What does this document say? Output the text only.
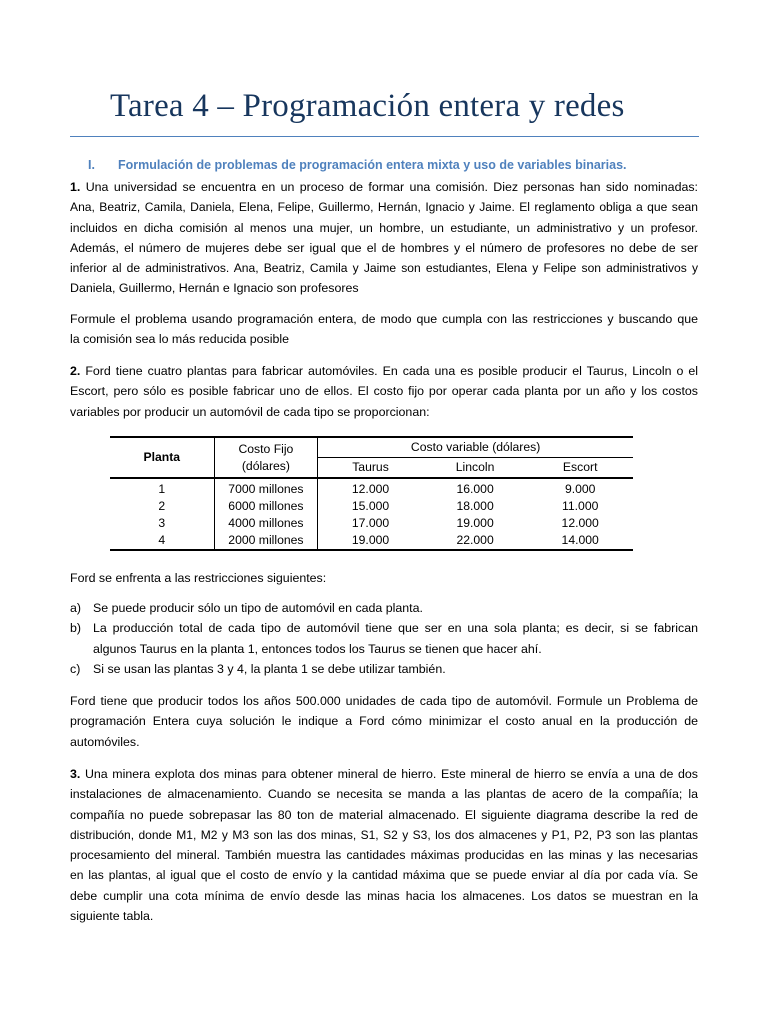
Tarea 4 – Programación entera y redes
I. Formulación de problemas de programación entera mixta y uso de variables binarias.
1. Una universidad se encuentra en un proceso de formar una comisión. Diez personas han sido nominadas:
Ana, Beatriz, Camila, Daniela, Elena, Felipe, Guillermo, Hernán, Ignacio y Jaime. El reglamento obliga a que sean
incluidos en dicha comisión al menos una mujer, un hombre, un estudiante, un administrativo y un profesor.
Además, el número de mujeres debe ser igual que el de hombres y el número de profesores no debe de ser
inferior al de administrativos. Ana, Beatriz, Camila y Jaime son estudiantes, Elena y Felipe son administrativos y
Daniela, Guillermo, Hernán e Ignacio son profesores
Formule el problema usando programación entera, de modo que cumpla con las restricciones y buscando que
la comisión sea lo más reducida posible
2. Ford tiene cuatro plantas para fabricar automóviles. En cada una es posible producir el Taurus, Lincoln o el
Escort, pero sólo es posible fabricar uno de ellos. El costo fijo por operar cada planta por un año y los costos
variables por producir un automóvil de cada tipo se proporcionan:
Planta	Costo Fijo
(dólares)	Costo variable (dólares)		
		Taurus	Lincoln	Escort
1	7000 millones	12.000	16.000	9.000
2	6000 millones	15.000	18.000	11.000
3	4000 millones	17.000	19.000	12.000
4	2000 millones	19.000	22.000	14.000
Ford se enfrenta a las restricciones siguientes:
a) Se puede producir sólo un tipo de automóvil en cada planta.
b) La producción total de cada tipo de automóvil tiene que ser en una sola planta; es decir, si se fabrican
algunos Taurus en la planta 1, entonces todos los Taurus se tienen que hacer ahí.
c) Si se usan las plantas 3 y 4, la planta 1 se debe utilizar también.
Ford tiene que producir todos los años 500.000 unidades de cada tipo de automóvil. Formule un Problema de
programación Entera cuya solución le indique a Ford cómo minimizar el costo anual en la producción de
automóviles.
3. Una minera explota dos minas para obtener mineral de hierro. Este mineral de hierro se envía a una de dos
instalaciones de almacenamiento. Cuando se necesita se manda a las plantas de acero de la compañía; la
compañía no puede sobrepasar las 80 ton de material almacenado. El siguiente diagrama describe la red de
distribución, donde M1, M2 y M3 son las dos minas, S1, S2 y S3, los dos almacenes y P1, P2, P3 son las plantas
procesamiento del mineral. También muestra las cantidades máximas producidas en las minas y las necesarias
en las plantas, al igual que el costo de envío y la cantidad máxima que se puede enviar al día por cada vía. Se
debe cumplir una cota mínima de envío desde las minas hacia los almacenes. Los datos se muestran en la
siguiente tabla.
